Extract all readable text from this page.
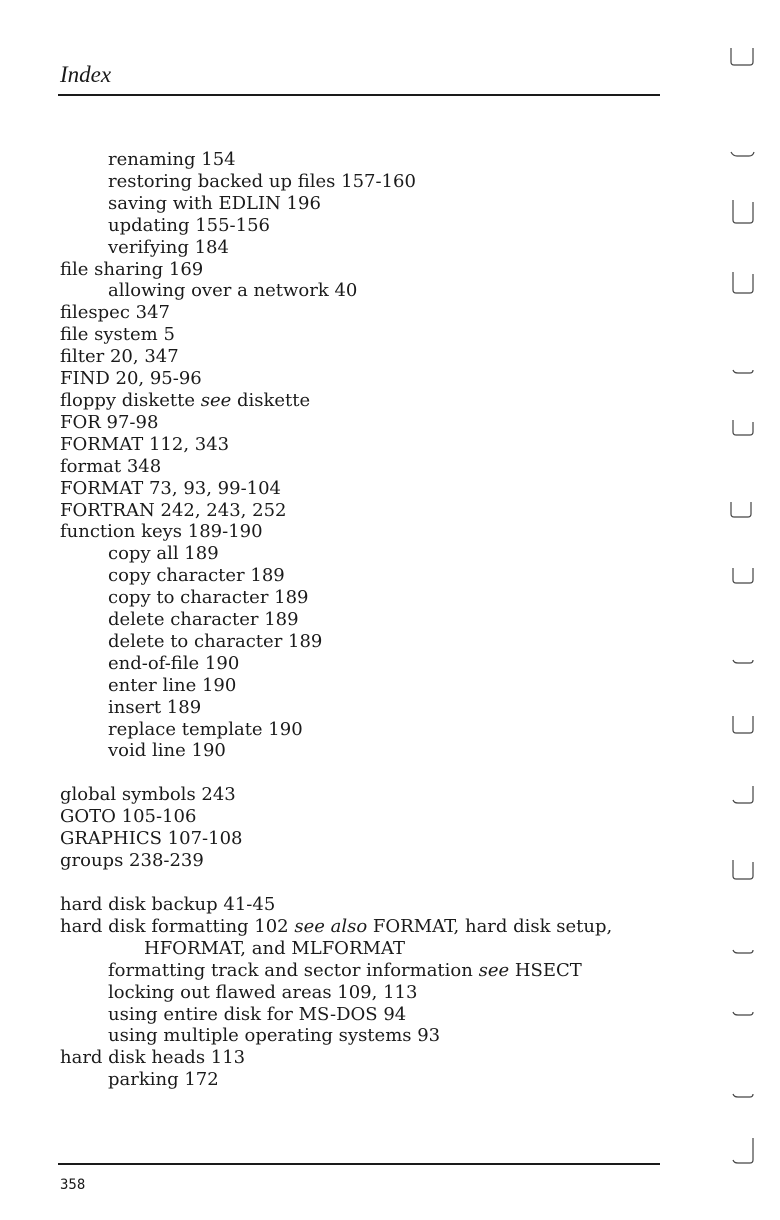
Index
renaming 154
restoring backed up files 157-160
saving with EDLIN 196
updating 155-156
verifying 184
file sharing 169
allowing over a network 40
filespec 347
file system 5
filter 20, 347
FIND 20, 95-96
floppy diskette see diskette
FOR 97-98
FORMAT 112, 343
format 348
FORMAT 73, 93, 99-104
FORTRAN 242, 243, 252
function keys 189-190
copy all 189
copy character 189
copy to character 189
delete character 189
delete to character 189
end-of-file 190
enter line 190
insert 189
replace template 190
void line 190
global symbols 243
GOTO 105-106
GRAPHICS 107-108
groups 238-239
hard disk backup 41-45
hard disk formatting 102 see also FORMAT, hard disk setup,
HFORMAT, and MLFORMAT
formatting track and sector information see HSECT
locking out flawed areas 109, 113
using entire disk for MS-DOS 94
using multiple operating systems 93
hard disk heads 113
parking 172
358
